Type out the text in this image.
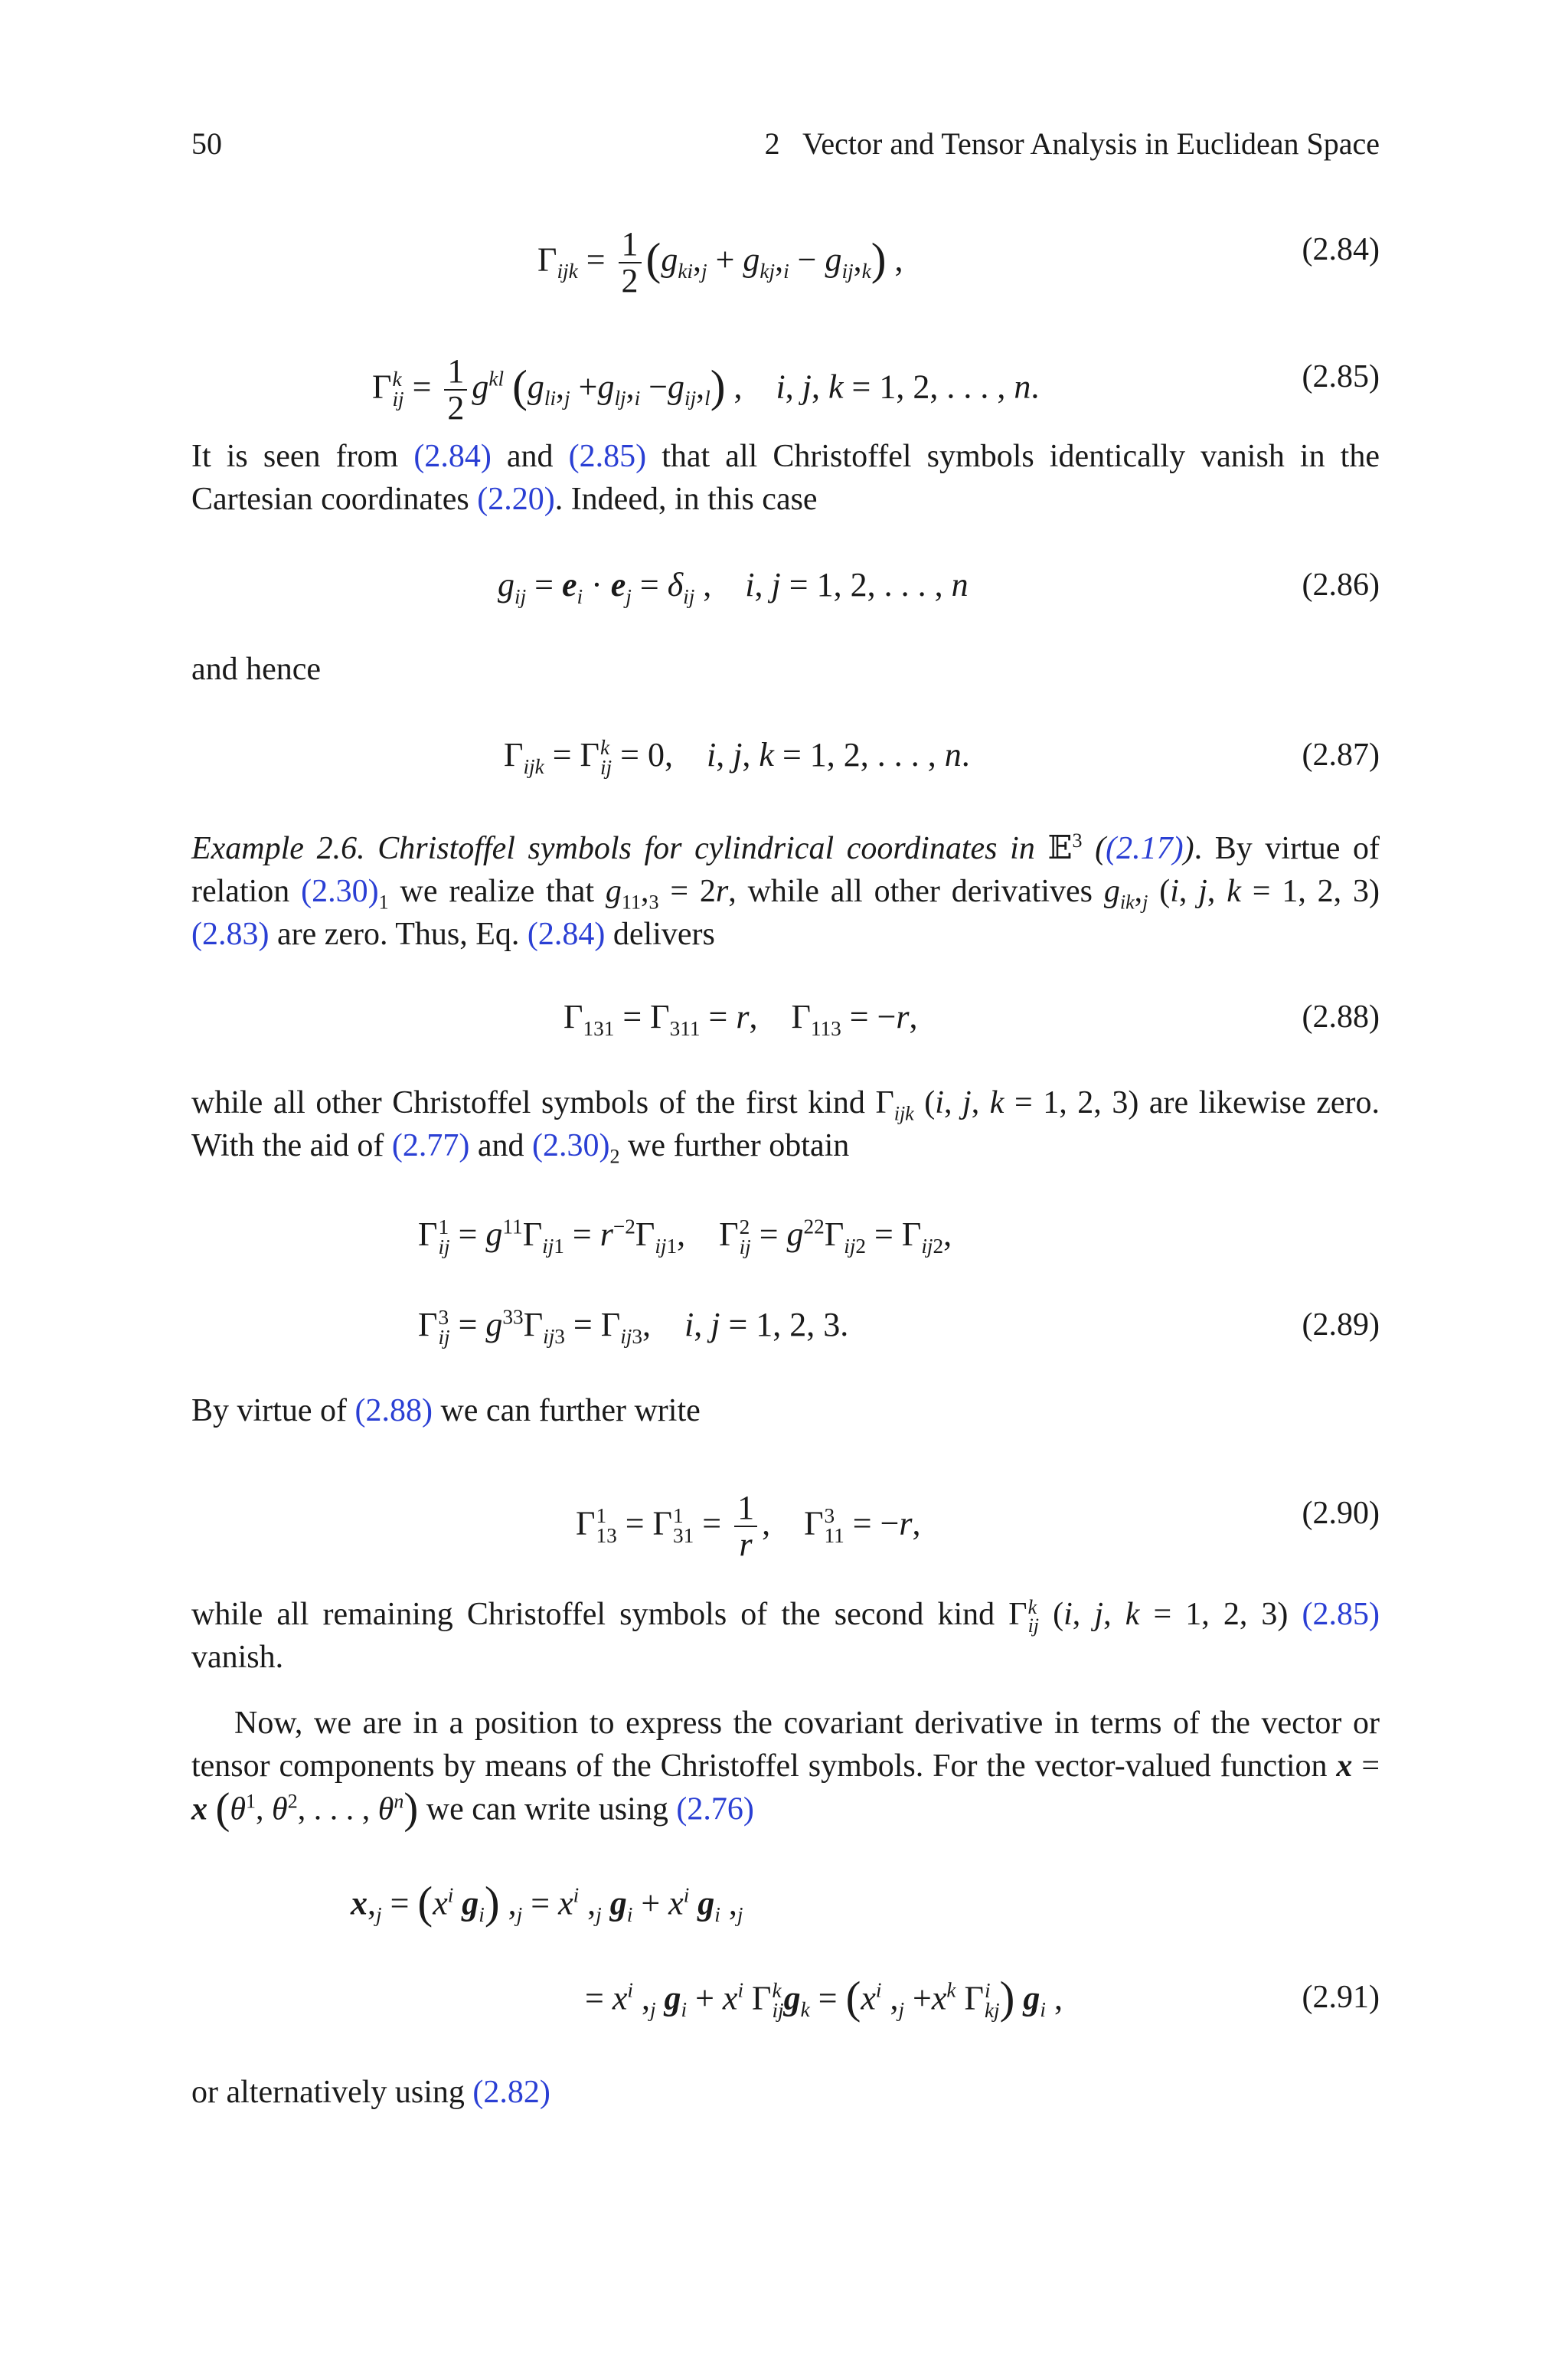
50	2   Vector and Tensor Analysis in Euclidean Space
$\Gamma_{ijk} = \frac{1}{2} (g_{ki},_j + g_{kj},_i - g_{ij},_k)$ ,	(2.84)
Γ k
ij = $\frac{1}{2} g^{kl}$ $(g_{li},_j +g_{lj},_i -g_{ij},_l)$ ,    i, j, k = 1, 2, . . . , n.	(2.85)
It is seen from (2.84) and (2.85) that all Christoffel symbols identically vanish in the Cartesian coordinates (2.20). Indeed, in this case
$g_{ij} = e_i \cdot e_j = \delta_{ij}$ ,    i, j = 1, 2, . . . , n	(2.86)
and hence
$\Gamma_{ijk} = \Gamma$ k
ij = 0,    i, j, k = 1, 2, . . . , n.	(2.87)
Example 2.6. Christoffel symbols for cylindrical coordinates in 𝔼$^3$ ((2.17)). By virtue of relation $(2.30)_1$ we realize that $g_{11},_3 = 2r$, while all other derivatives $g_{ik},_j$ (i, j, k = 1, 2, 3) (2.83) are zero. Thus, Eq. (2.84) delivers
$\Gamma_{131} = \Gamma_{311} = r$,    $\Gamma_{113} = -r$,	(2.88)
while all other Christoffel symbols of the first kind $\Gamma_{ijk}$ (i, j, k = 1, 2, 3) are likewise zero. With the aid of (2.77) and $(2.30)_2$ we further obtain
Γ 1
ij = $g^{11}\Gamma_{ij1} = r^{-2}\Gamma_{ij1}$,    Γ 2
ij = $g^{22}\Gamma_{ij2} = \Gamma_{ij2}$,
Γ 3
ij = $g^{33}\Gamma_{ij3} = \Gamma_{ij3}$,    i, j = 1, 2, 3.	(2.89)
By virtue of (2.88) we can further write
Γ 1
13 = Γ 1
$31 = \frac{1}{r}$ ,    Γ 3
11 = −r,	(2.90)
while all remaining Christoffel symbols of the second kind Γ k
ij (i, j, k = 1, 2, 3) (2.85) vanish.
Now, we are in a position to express the covariant derivative in terms of the vector or tensor components by means of the Christoffel symbols. For the vector-valued function x = x ($\theta^1$, $\theta^2$, . . . , $\theta^n$) we can write using (2.76)
$x,_j = (x^i$ $g_i$) $,_j = x^i$ $,_j$ $g_i + x^i$ $g_i$ $,_j$
= $x^i$ $,_j$ $g_i + x^i$ Γ k
ij $g_k = (x^i$ $,_j +x^k$ Γ i
kj ) $g_i$ ,	(2.91)
or alternatively using (2.82)
